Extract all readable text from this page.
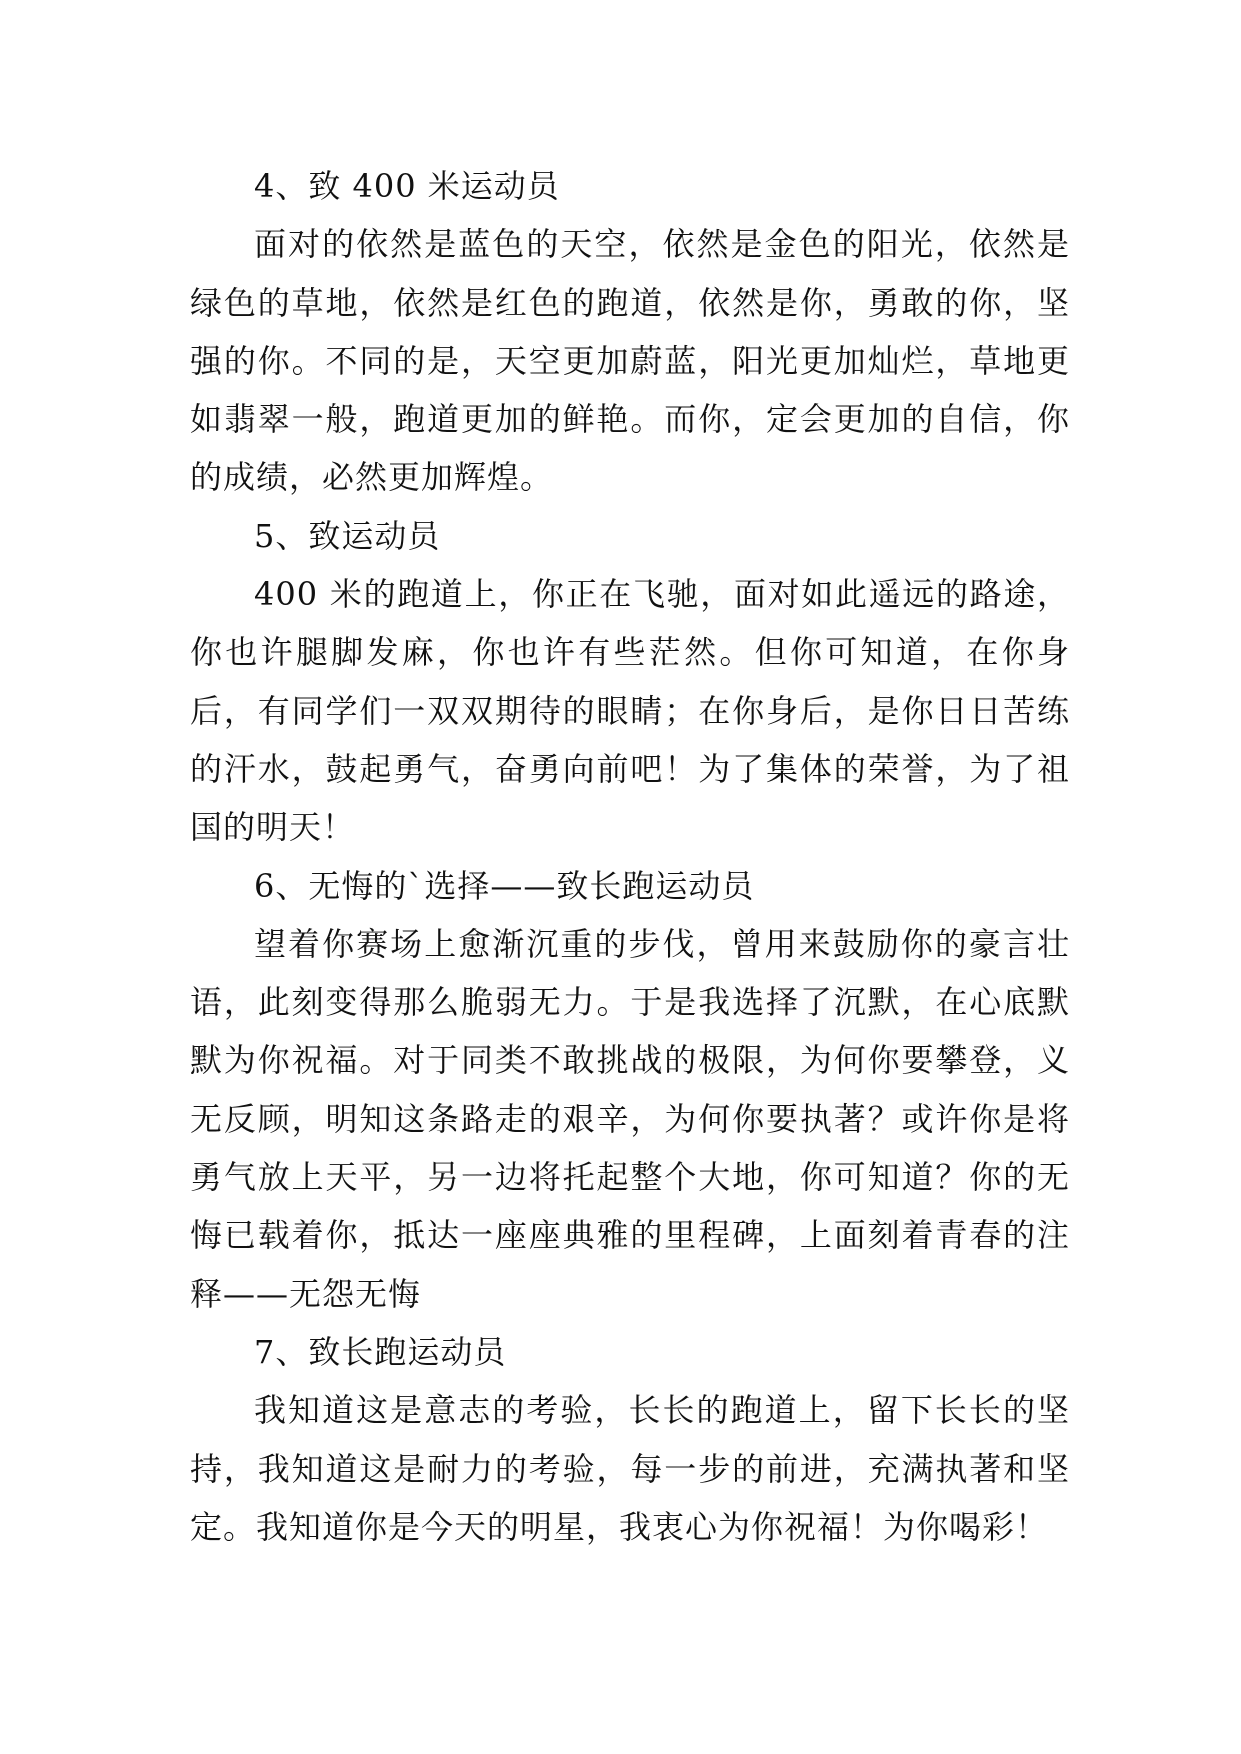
4、致 400 米运动员

面对的依然是蓝色的天空，依然是金色的阳光，依然是绿色的草地，依然是红色的跑道，依然是你，勇敢的你，坚强的你。不同的是，天空更加蔚蓝，阳光更加灿烂，草地更如翡翠一般，跑道更加的鲜艳。而你，定会更加的自信，你的成绩，必然更加辉煌。

5、致运动员

400 米的跑道上，你正在飞驰，面对如此遥远的路途，你也许腿脚发麻，你也许有些茫然。但你可知道，在你身后，有同学们一双双期待的眼睛；在你身后，是你日日苦练的汗水，鼓起勇气，奋勇向前吧！为了集体的荣誉，为了祖国的明天！

6、无悔的`选择——致长跑运动员

望着你赛场上愈渐沉重的步伐，曾用来鼓励你的豪言壮语，此刻变得那么脆弱无力。于是我选择了沉默，在心底默默为你祝福。对于同类不敢挑战的极限，为何你要攀登，义无反顾，明知这条路走的艰辛，为何你要执著？或许你是将勇气放上天平，另一边将托起整个大地，你可知道？你的无悔已载着你，抵达一座座典雅的里程碑，上面刻着青春的注释——无怨无悔

7、致长跑运动员

我知道这是意志的考验，长长的跑道上，留下长长的坚持，我知道这是耐力的考验，每一步的前进，充满执著和坚定。我知道你是今天的明星，我衷心为你祝福！为你喝彩！
